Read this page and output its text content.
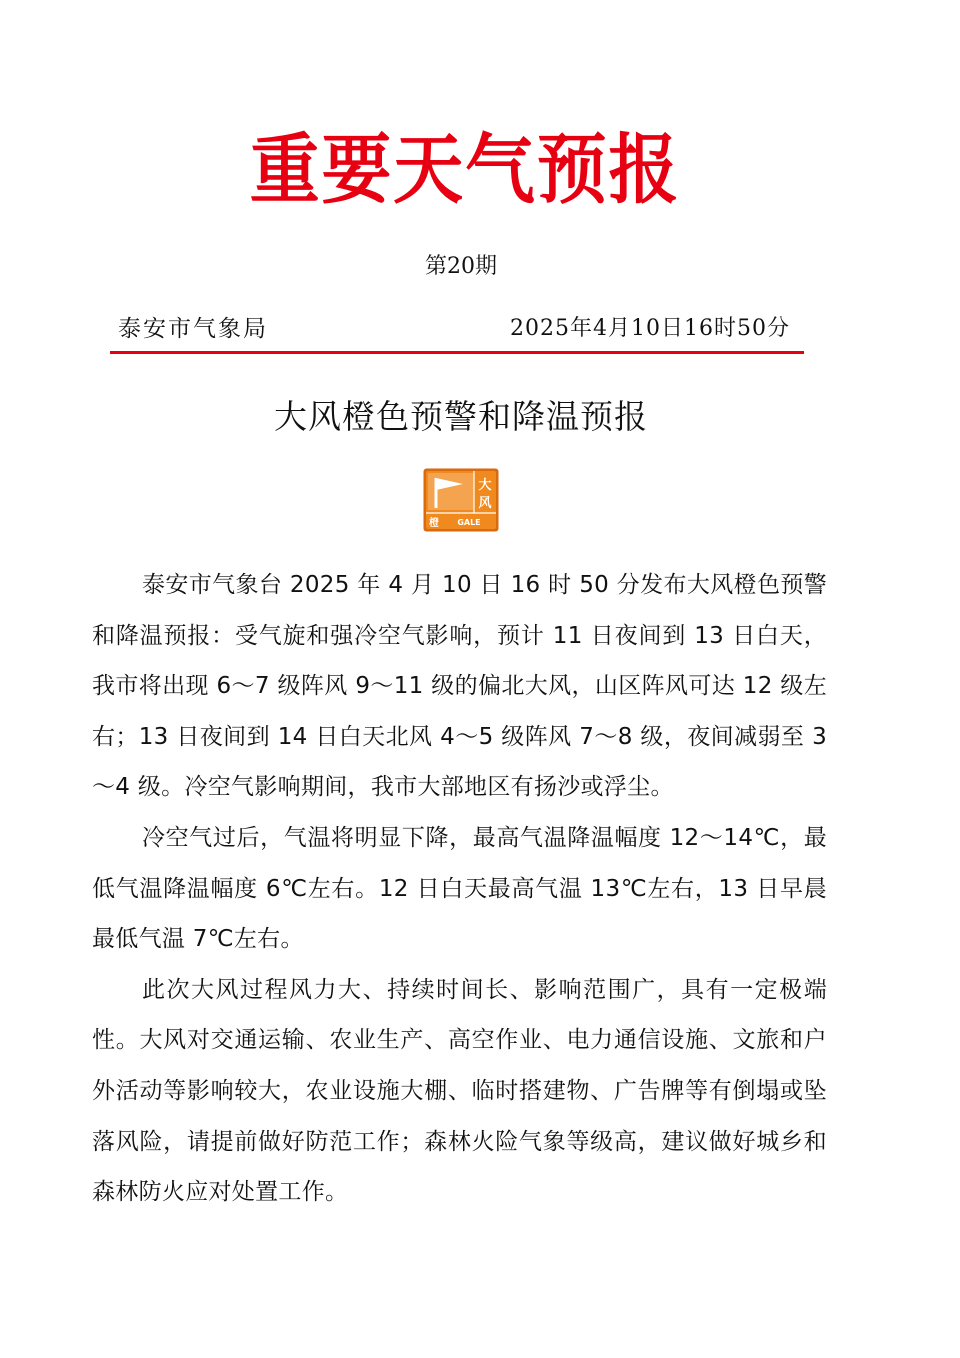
重要天气预报
第20期
泰安市气象局	2025年4月10日16时50分
大风橙色预警和降温预报
大
风
橙 GALE

泰安市气象台 2025 年 4 月 10 日 16 时 50 分发布大风橙色预警和降温预报：受气旋和强冷空气影响，预计 11 日夜间到 13 日白天，我市将出现 6～7 级阵风 9～11 级的偏北大风，山区阵风可达 12 级左右；13 日夜间到 14 日白天北风 4～5 级阵风 7～8 级，夜间减弱至 3～4 级。冷空气影响期间，我市大部地区有扬沙或浮尘。

冷空气过后，气温将明显下降，最高气温降温幅度 12～14℃，最低气温降温幅度 6℃左右。12 日白天最高气温 13℃左右，13 日早晨最低气温 7℃左右。

此次大风过程风力大、持续时间长、影响范围广，具有一定极端性。大风对交通运输、农业生产、高空作业、电力通信设施、文旅和户外活动等影响较大，农业设施大棚、临时搭建物、广告牌等有倒塌或坠落风险，请提前做好防范工作；森林火险气象等级高，建议做好城乡和森林防火应对处置工作。
